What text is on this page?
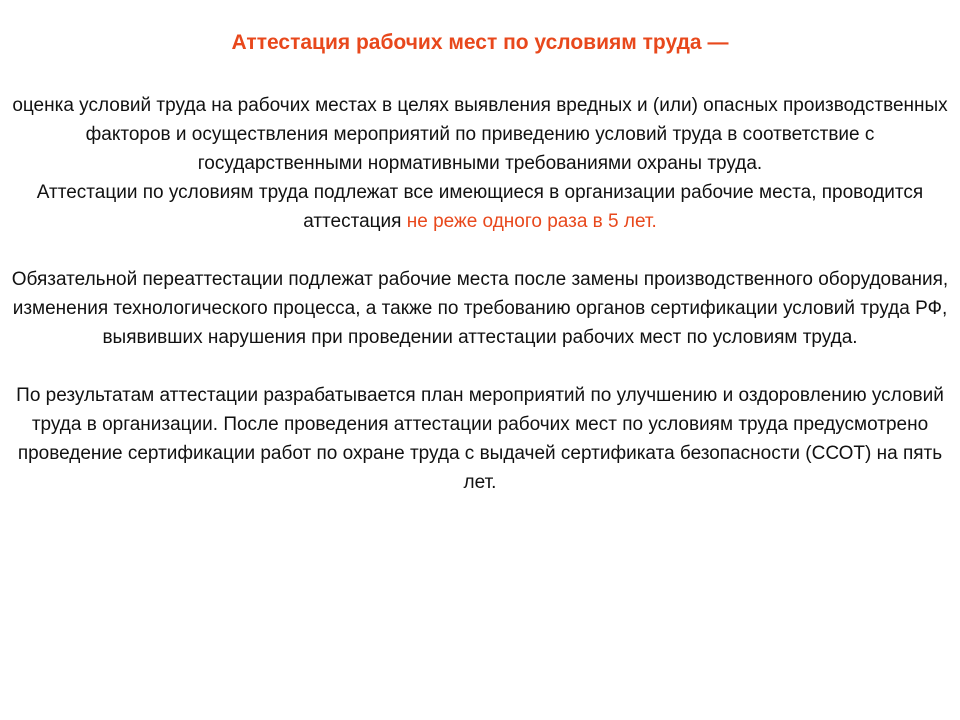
Аттестация рабочих мест по условиям труда —

оценка условий труда на рабочих местах в целях выявления вредных и (или) опасных производственных факторов и осуществления мероприятий по приведению условий труда в соответствие с государственными нормативными требованиями охраны труда.

Аттестации по условиям труда подлежат все имеющиеся в организации рабочие места, проводится аттестация не реже одного раза в 5 лет.

Обязательной переаттестации подлежат рабочие места после замены производственного оборудования, изменения технологического процесса, а также по требованию органов сертификации условий труда РФ, выявивших нарушения при проведении аттестации рабочих мест по условиям труда.

По результатам аттестации разрабатывается план мероприятий по улучшению и оздоровлению условий труда в организации. После проведения аттестации рабочих мест по условиям труда предусмотрено проведение сертификации работ по охране труда с выдачей сертификата безопасности (ССОТ) на пять лет.
